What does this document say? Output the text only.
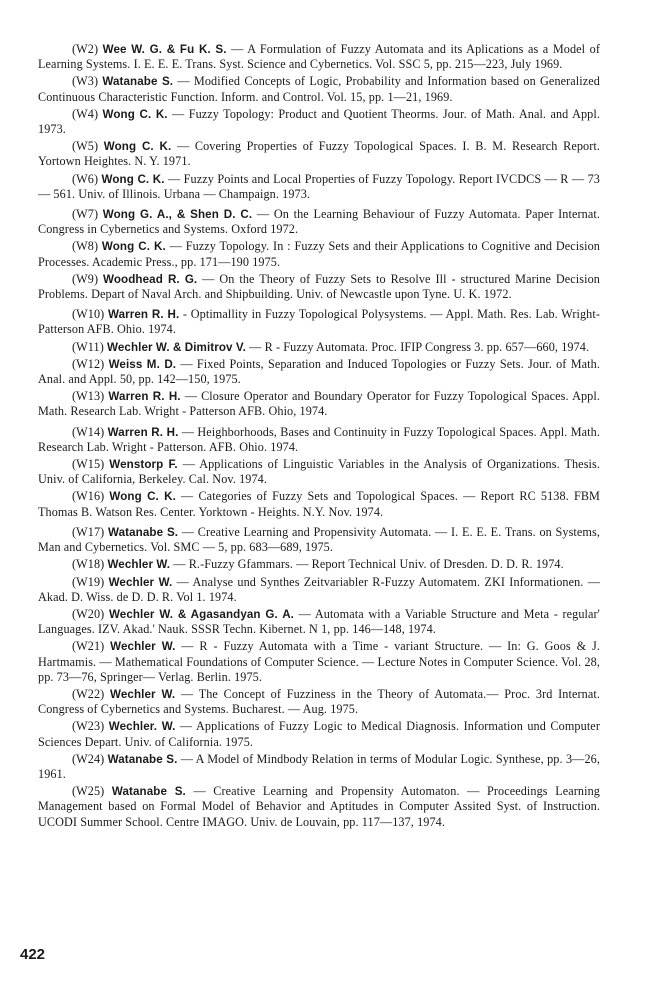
(W2) Wee W. G. & Fu K. S. — A Formulation of Fuzzy Automata and its Aplications as a Model of Learning Systems. I. E. E. E. Trans. Syst. Science and Cybernetics. Vol. SSC 5, pp. 215—223, July 1969.

(W3) Watanabe S. — Modified Concepts of Logic, Probability and Information based on Generalized Continuous Characteristic Function. Inform. and Control. Vol. 15, pp. 1—21, 1969.

(W4) Wong C. K. — Fuzzy Topology: Product and Quotient Theorms. Jour. of Math. Anal. and Appl. 1973.

(W5) Wong C. K. — Covering Properties of Fuzzy Topological Spaces. I. B. M. Research Report. Yortown Heightes. N. Y. 1971.

(W6) Wong C. K. — Fuzzy Points and Local Properties of Fuzzy Topology. Report IVCDCS — R — 73 — 561. Univ. of Illinois. Urbana — Champaign. 1973.

(W7) Wong G. A., & Shen D. C. — On the Learning Behaviour of Fuzzy Automata. Paper Internat. Congress in Cybernetics and Systems. Oxford 1972.

(W8) Wong C. K. — Fuzzy Topology. In : Fuzzy Sets and their Applications to Cognitive and Decision Processes. Academic Press., pp. 171—190 1975.

(W9) Woodhead R. G. — On the Theory of Fuzzy Sets to Resolve Ill - structured Marine Decision Problems. Depart of Naval Arch. and Shipbuilding. Univ. of Newcastle upon Tyne. U. K. 1972.

(W10) Warren R. H. - Optimallity in Fuzzy Topological Polysystems. — Appl. Math. Res. Lab. Wright-Patterson AFB. Ohio. 1974.

(W11) Wechler W. & Dimitrov V. — R - Fuzzy Automata. Proc. IFIP Congress 3. pp. 657—660, 1974.

(W12) Weiss M. D. — Fixed Points, Separation and Induced Topologies or Fuzzy Sets. Jour. of Math. Anal. and Appl. 50, pp. 142—150, 1975.

(W13) Warren R. H. — Closure Operator and Boundary Operator for Fuzzy Topological Spaces. Appl. Math. Research Lab. Wright - Patterson AFB. Ohio, 1974.

(W14) Warren R. H. — Heighborhoods, Bases and Continuity in Fuzzy Topological Spaces. Appl. Math. Research Lab. Wright - Patterson. AFB. Ohio. 1974.

(W15) Wenstorp F. — Applications of Linguistic Variables in the Analysis of Organizations. Thesis. Univ. of California, Berkeley. Cal. Nov. 1974.

(W16) Wong C. K. — Categories of Fuzzy Sets and Topological Spaces. — Report RC 5138. FBM Thomas B. Watson Res. Center. Yorktown - Heights. N.Y. Nov. 1974.

(W17) Watanabe S. — Creative Learning and Propensivity Automata. — I. E. E. E. Trans. on Systems, Man and Cybernetics. Vol. SMC — 5, pp. 683—689, 1975.

(W18) Wechler W. — R.-Fuzzy Gfammars. — Report Technical Univ. of Dresden. D. D. R. 1974.

(W19) Wechler W. — Analyse und Synthes Zeitvariabler R-Fuzzy Automatem. ZKI Informationen. — Akad. D. Wiss. de D. D. R. Vol 1. 1974.

(W20) Wechler W. & Agasandyan G. A. — Automata with a Variable Structure and Meta - regular' Languages. IZV. Akad.' Nauk. SSSR Techn. Kibernet. N 1, pp. 146—148, 1974.

(W21) Wechler W. — R - Fuzzy Automata with a Time - variant Structure. — In: G. Goos & J. Hartmamis. — Mathematical Foundations of Computer Science. — Lecture Notes in Computer Science. Vol. 28, pp. 73—76, Springer— Verlag. Berlin. 1975.

(W22) Wechler W. — The Concept of Fuzziness in the Theory of Automata.— Proc. 3rd Internat. Congress of Cybernetics and Systems. Bucharest. — Aug. 1975.

(W23) Wechler. W. — Applications of Fuzzy Logic to Medical Diagnosis. Information und Computer Sciences Depart. Univ. of California. 1975.

(W24) Watanabe S. — A Model of Mindbody Relation in terms of Modular Logic. Synthese, pp. 3—26, 1961.

(W25) Watanabe S. — Creative Learning and Propensity Automaton. — Proceedings Learning Management based on Formal Model of Behavior and Aptitudes in Computer Assited Syst. of Instruction. UCODI Summer School. Centre IMAGO. Univ. de Louvain, pp. 117—137, 1974.

422
